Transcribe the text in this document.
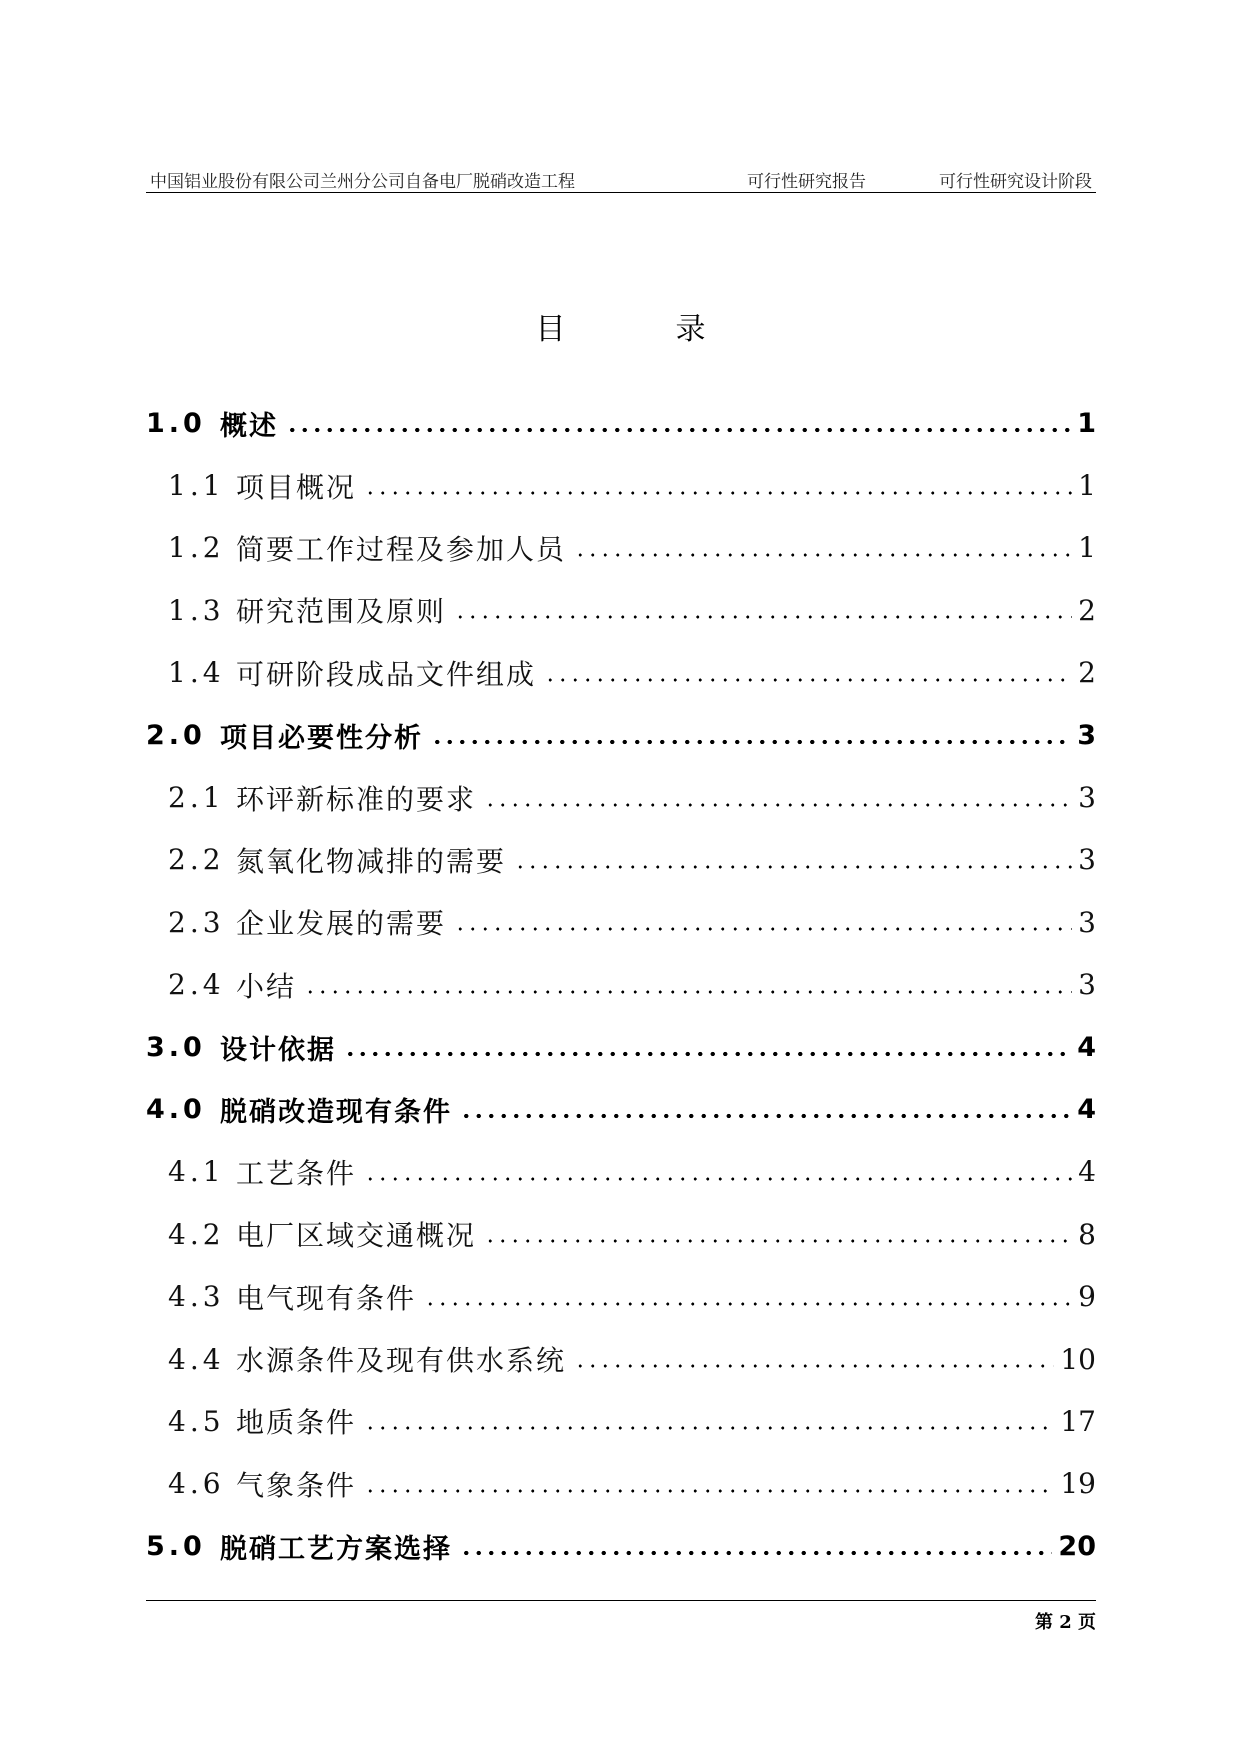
中国铝业股份有限公司兰州分公司自备电厂脱硝改造工程	可行性研究报告	可行性研究设计阶段
目	录
1.0 概述	1
1.1 项目概况	1
1.2 简要工作过程及参加人员	1
1.3 研究范围及原则	2
1.4 可研阶段成品文件组成	2
2.0 项目必要性分析	3
2.1 环评新标准的要求	3
2.2 氮氧化物减排的需要	3
2.3 企业发展的需要	3
2.4 小结	3
3.0 设计依据	4
4.0 脱硝改造现有条件	4
4.1 工艺条件	4
4.2 电厂区域交通概况	8
4.3 电气现有条件	9
4.4 水源条件及现有供水系统	10
4.5 地质条件	17
4.6 气象条件	19
5.0 脱硝工艺方案选择	20
第 2 页
